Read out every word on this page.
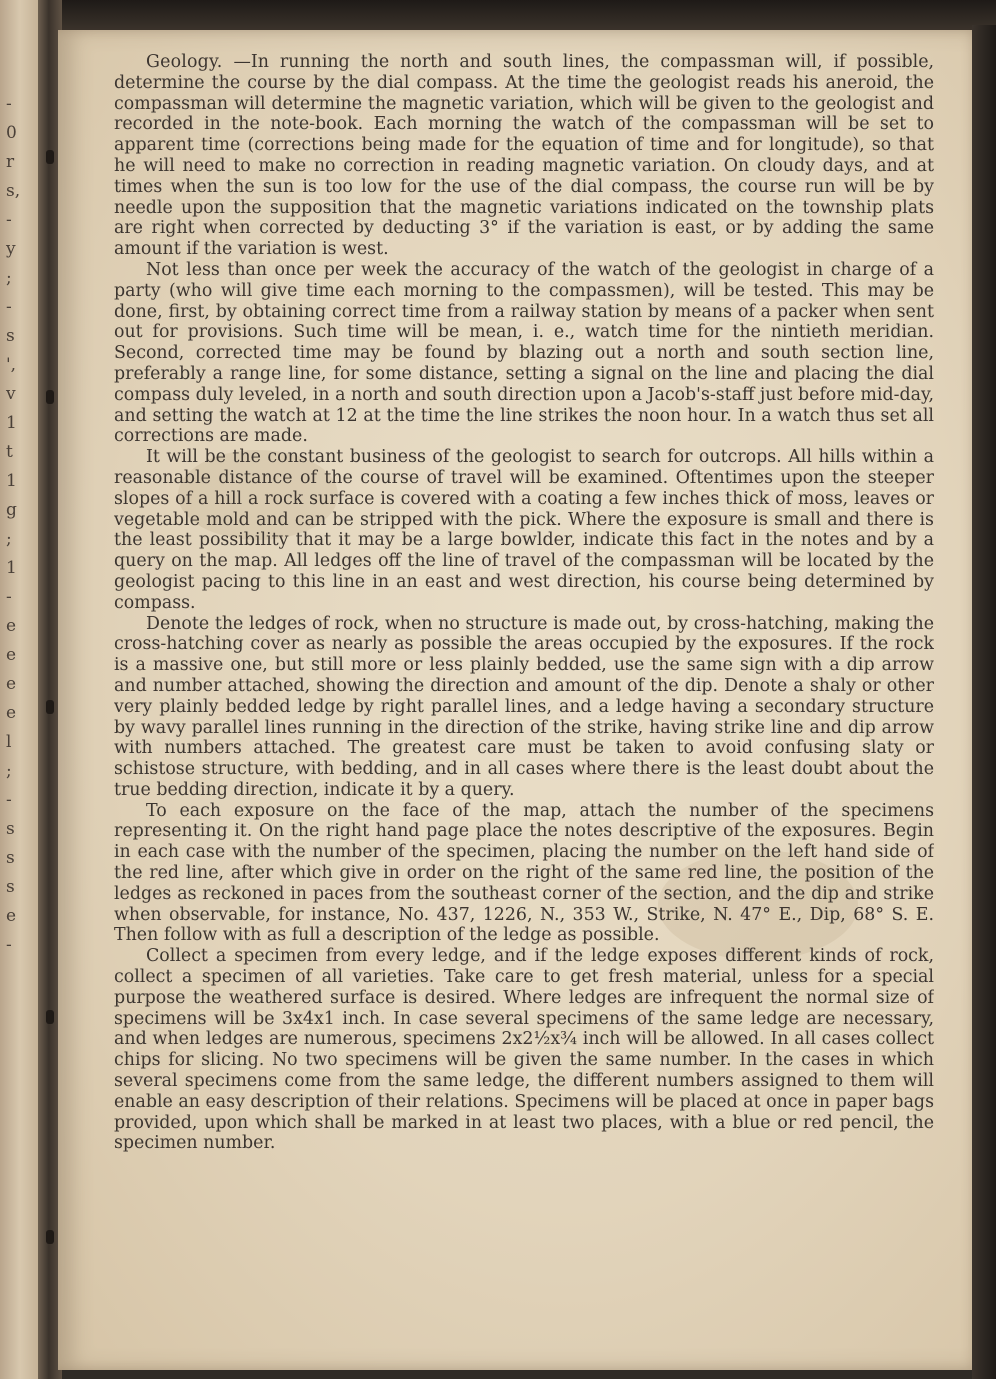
-
0
r
s,
-
y
;
-
s
',
v
1
t
1
g
;
1
-
e
e
e
e
l
;
-
s
s
s
e
-

Geology. —In running the north and south lines, the compassman will, if possible, determine the course by the dial compass. At the time the geologist reads his aneroid, the compassman will determine the magnetic variation, which will be given to the geologist and recorded in the note-book. Each morning the watch of the compassman will be set to apparent time (corrections being made for the equation of time and for longitude), so that he will need to make no correction in reading magnetic variation. On cloudy days, and at times when the sun is too low for the use of the dial compass, the course run will be by needle upon the supposition that the magnetic variations indicated on the township plats are right when corrected by deducting 3° if the variation is east, or by adding the same amount if the variation is west.

Not less than once per week the accuracy of the watch of the geologist in charge of a party (who will give time each morning to the compassmen), will be tested. This may be done, first, by obtaining correct time from a railway station by means of a packer when sent out for provisions. Such time will be mean, i. e., watch time for the nintieth meridian. Second, corrected time may be found by blazing out a north and south section line, preferably a range line, for some distance, setting a signal on the line and placing the dial compass duly leveled, in a north and south direction upon a Jacob's-staff just before mid-day, and setting the watch at 12 at the time the line strikes the noon hour. In a watch thus set all corrections are made.

It will be the constant business of the geologist to search for outcrops. All hills within a reasonable distance of the course of travel will be examined. Oftentimes upon the steeper slopes of a hill a rock surface is covered with a coating a few inches thick of moss, leaves or vegetable mold and can be stripped with the pick. Where the exposure is small and there is the least possibility that it may be a large bowlder, indicate this fact in the notes and by a query on the map. All ledges off the line of travel of the compassman will be located by the geologist pacing to this line in an east and west direction, his course being determined by compass.

Denote the ledges of rock, when no structure is made out, by cross-hatching, making the cross-hatching cover as nearly as possible the areas occupied by the exposures. If the rock is a massive one, but still more or less plainly bedded, use the same sign with a dip arrow and number attached, showing the direction and amount of the dip. Denote a shaly or other very plainly bedded ledge by right parallel lines, and a ledge having a secondary structure by wavy parallel lines running in the direction of the strike, having strike line and dip arrow with numbers attached. The greatest care must be taken to avoid confusing slaty or schistose structure, with bedding, and in all cases where there is the least doubt about the true bedding direction, indicate it by a query.

To each exposure on the face of the map, attach the number of the specimens representing it. On the right hand page place the notes descriptive of the exposures. Begin in each case with the number of the specimen, placing the number on the left hand side of the red line, after which give in order on the right of the same red line, the position of the ledges as reckoned in paces from the southeast corner of the section, and the dip and strike when observable, for instance, No. 437, 1226, N., 353 W., Strike, N. 47° E., Dip, 68° S. E. Then follow with as full a description of the ledge as possible.

Collect a specimen from every ledge, and if the ledge exposes different kinds of rock, collect a specimen of all varieties. Take care to get fresh material, unless for a special purpose the weathered surface is desired. Where ledges are infrequent the normal size of specimens will be 3x4x1 inch. In case several specimens of the same ledge are necessary, and when ledges are numerous, specimens 2x2½x¾ inch will be allowed. In all cases collect chips for slicing. No two specimens will be given the same number. In the cases in which several specimens come from the same ledge, the different numbers assigned to them will enable an easy description of their relations. Specimens will be placed at once in paper bags provided, upon which shall be marked in at least two places, with a blue or red pencil, the specimen number.
